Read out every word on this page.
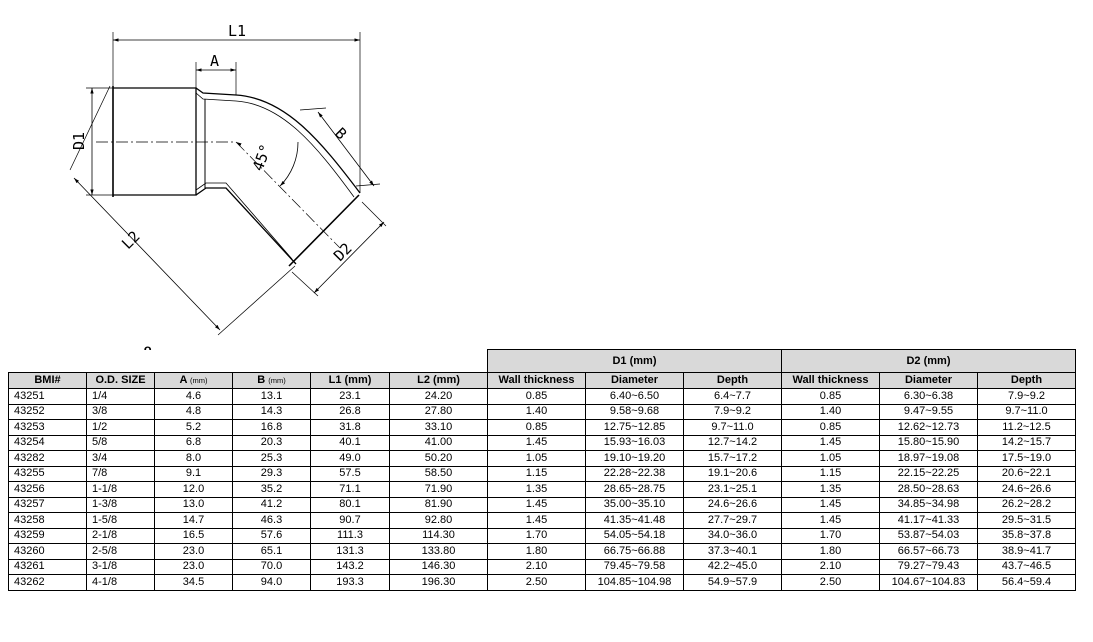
L1
A
D1
L2
B
D2
45°
						D1 (mm)			D2 (mm)		
BMI#	O.D. SIZE	A (mm)	B (mm)	L1 (mm)	L2 (mm)	Wall thickness	Diameter	Depth	Wall thickness	Diameter	Depth
43251	1/4	4.6	13.1	23.1	24.20	0.85	6.40~6.50	6.4~7.7	0.85	6.30~6.38	7.9~9.2
43252	3/8	4.8	14.3	26.8	27.80	1.40	9.58~9.68	7.9~9.2	1.40	9.47~9.55	9.7~11.0
43253	1/2	5.2	16.8	31.8	33.10	0.85	12.75~12.85	9.7~11.0	0.85	12.62~12.73	11.2~12.5
43254	5/8	6.8	20.3	40.1	41.00	1.45	15.93~16.03	12.7~14.2	1.45	15.80~15.90	14.2~15.7
43282	3/4	8.0	25.3	49.0	50.20	1.05	19.10~19.20	15.7~17.2	1.05	18.97~19.08	17.5~19.0
43255	7/8	9.1	29.3	57.5	58.50	1.15	22.28~22.38	19.1~20.6	1.15	22.15~22.25	20.6~22.1
43256	1-1/8	12.0	35.2	71.1	71.90	1.35	28.65~28.75	23.1~25.1	1.35	28.50~28.63	24.6~26.6
43257	1-3/8	13.0	41.2	80.1	81.90	1.45	35.00~35.10	24.6~26.6	1.45	34.85~34.98	26.2~28.2
43258	1-5/8	14.7	46.3	90.7	92.80	1.45	41.35~41.48	27.7~29.7	1.45	41.17~41.33	29.5~31.5
43259	2-1/8	16.5	57.6	111.3	114.30	1.70	54.05~54.18	34.0~36.0	1.70	53.87~54.03	35.8~37.8
43260	2-5/8	23.0	65.1	131.3	133.80	1.80	66.75~66.88	37.3~40.1	1.80	66.57~66.73	38.9~41.7
43261	3-1/8	23.0	70.0	143.2	146.30	2.10	79.45~79.58	42.2~45.0	2.10	79.27~79.43	43.7~46.5
43262	4-1/8	34.5	94.0	193.3	196.30	2.50	104.85~104.98	54.9~57.9	2.50	104.67~104.83	56.4~59.4
